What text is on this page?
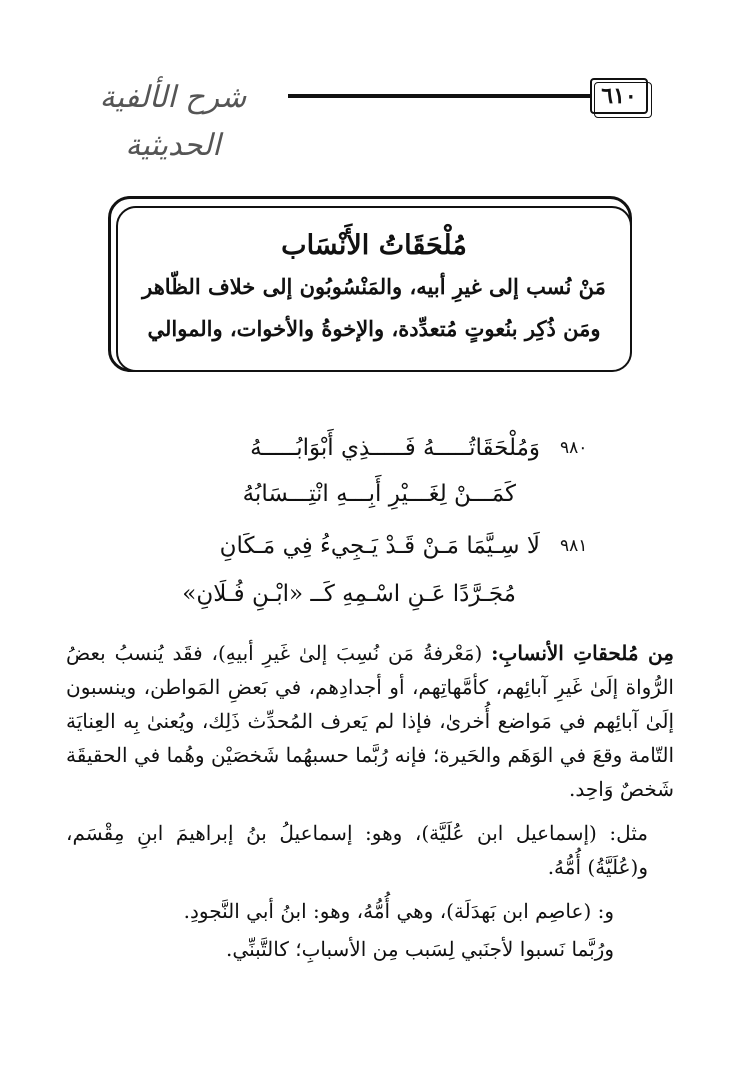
شرح الألفية الحديثية
٦١٠

مُلْحَقَاتُ الأَنْسَاب

مَنْ نُسب إلى غيرِ أبيه، والمَنْسُوبُون إلى خلاف الظّاهر

ومَن ذُكِر بنُعوتٍ مُتعدِّدة، والإخوةُ والأخوات، والموالي

٩٨٠
وَمُلْحَقَاتُـــــهُ فَـــــذِي أَبْوَابُـــــهُ
كَمَـــنْ لِغَـــيْرِ أَبِـــهِ انْتِـــسَابُهُ
٩٨١
لَا سِـيَّمَا مَـنْ قَـدْ يَـجِيءُ فِي مَـكَانِ
مُجَـرَّدًا عَـنِ اسْـمِهِ كَــ «ابْـنِ فُـلَانِ»

مِن مُلحقاتِ الأنسابِ: (مَعْرفةُ مَن نُسِبَ إلىٰ غَيرِ أبيهِ)، فقَد يُنسبُ بعضُ الرُّواة إلَىٰ غَيرِ آبائِهم، كأمَّهاتِهم، أو أجدادِهم، في بَعضِ المَواطن، وينسبون إلَىٰ آبائِهم في مَواضع أُخرىٰ، فإذا لم يَعرف المُحدِّث ذَلِك، ويُعنىٰ بِه العِنايَة التّامة وقعَ في الوَهَم والحَيرة؛ فإنه رُبَّما حسبهُما شَخصَيْن وهُما في الحقيقَة شَخصٌ وَاحِد.

مثل: (إسماعيل ابن عُلَيَّة)، وهو: إسماعيلُ بنُ إبراهيمَ ابنِ مِقْسَم، و(عُلَيَّةُ) أُمُّهُ.

و: (عاصِم ابن بَهدَلَة)، وهي أُمُّهُ، وهو: ابنُ أبي النَّجودِ.

ورُبَّما نَسبوا لأجنَبي لِسَبب مِن الأسبابِ؛ كالتَّبنِّي.
